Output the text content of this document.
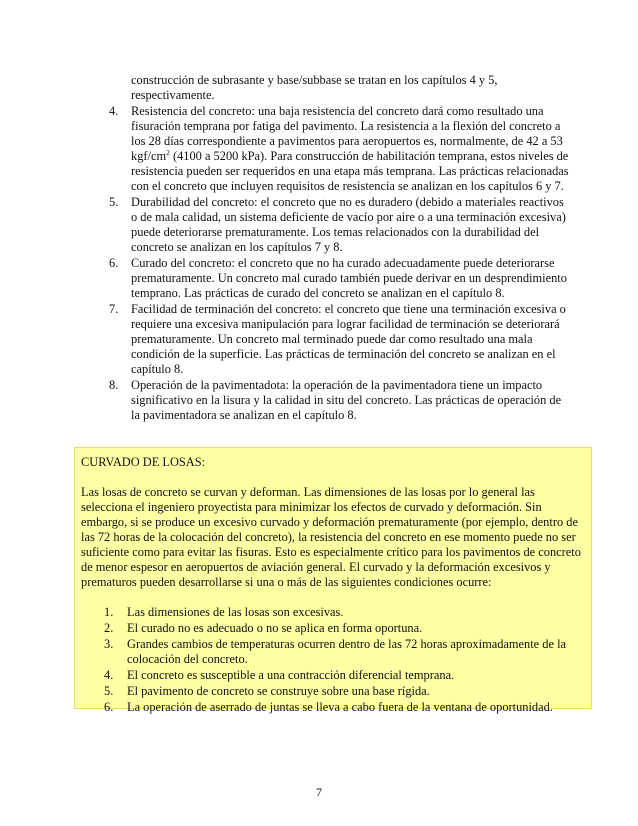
construcción de subrasante y base/subbase se tratan en los capítulos 4 y 5, respectivamente.
4. Resistencia del concreto: una baja resistencia del concreto dará como resultado una fisuración temprana por fatiga del pavimento. La resistencia a la flexión del concreto a los 28 días correspondiente a pavimentos para aeropuertos es, normalmente, de 42 a 53 kgf/$cm^2$ (4100 a 5200 kPa). Para construcción de habilitación temprana, estos niveles de resistencia pueden ser requeridos en una etapa más temprana. Las prácticas relacionadas con el concreto que incluyen requisitos de resistencia se analizan en los capítulos 6 y 7.
5. Durabilidad del concreto: el concreto que no es duradero (debido a materiales reactivos o de mala calidad, un sistema deficiente de vacío por aire o a una terminación excesiva) puede deteriorarse prematuramente. Los temas relacionados con la durabilidad del concreto se analizan en los capítulos 7 y 8.
6. Curado del concreto: el concreto que no ha curado adecuadamente puede deteriorarse prematuramente. Un concreto mal curado también puede derivar en un desprendimiento temprano. Las prácticas de curado del concreto se analizan en el capítulo 8.
7. Facilidad de terminación del concreto: el concreto que tiene una terminación excesiva o requiere una excesiva manipulación para lograr facilidad de terminación se deteriorará prematuramente. Un concreto mal terminado puede dar como resultado una mala condición de la superficie. Las prácticas de terminación del concreto se analizan en el capítulo 8.
8. Operación de la pavimentadota: la operación de la pavimentadora tiene un impacto significativo en la lisura y la calidad in situ del concreto. Las prácticas de operación de la pavimentadora se analizan en el capítulo 8.
CURVADO DE LOSAS:
Las losas de concreto se curvan y deforman. Las dimensiones de las losas por lo general las selecciona el ingeniero proyectista para minimizar los efectos de curvado y deformación. Sin embargo, si se produce un excesivo curvado y deformación prematuramente (por ejemplo, dentro de las 72 horas de la colocación del concreto), la resistencia del concreto en ese momento puede no ser suficiente como para evitar las fisuras. Esto es especialmente crítico para los pavimentos de concreto de menor espesor en aeropuertos de aviación general. El curvado y la deformación excesivos y prematuros pueden desarrollarse si una o más de las siguientes condiciones ocurre:
1. Las dimensiones de las losas son excesivas.
2. El curado no es adecuado o no se aplica en forma oportuna.
3. Grandes cambios de temperaturas ocurren dentro de las 72 horas aproximadamente de la colocación del concreto.
4. El concreto es susceptible a una contracción diferencial temprana.
5. El pavimento de concreto se construye sobre una base rígida.
6. La operación de aserrado de juntas se lleva a cabo fuera de la ventana de oportunidad.
7
